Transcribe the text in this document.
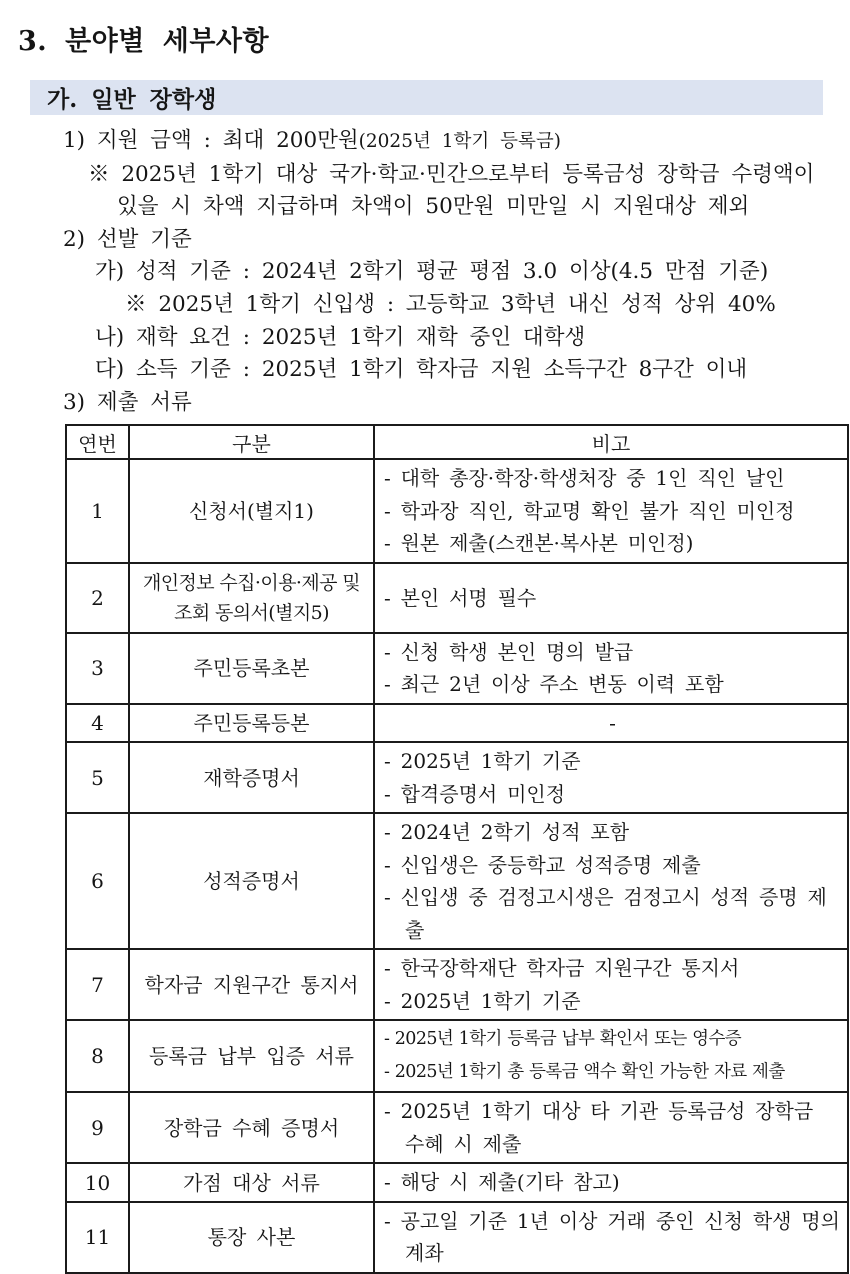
3. 분야별 세부사항
가. 일반 장학생

1) 지원 금액 : 최대 200만원(2025년 1학기 등록금)

※ 2025년 1학기 대상 국가·학교·민간으로부터 등록금성 장학금 수령액이

있을 시 차액 지급하며 차액이 50만원 미만일 시 지원대상 제외

2) 선발 기준

가) 성적 기준 : 2024년 2학기 평균 평점 3.0 이상(4.5 만점 기준)

※ 2025년 1학기 신입생 : 고등학교 3학년 내신 성적 상위 40%

나) 재학 요건 : 2025년 1학기 재학 중인 대학생

다) 소득 기준 : 2025년 1학기 학자금 지원 소득구간 8구간 이내

3) 제출 서류

연번	구분	비고
1	신청서(별지1)	- 대학 총장·학장·학생처장 중 1인 직인 날인
- 학과장 직인, 학교명 확인 불가 직인 미인정
- 원본 제출(스캔본·복사본 미인정)

2	개인정보 수집·이용·제공 및 조회 동의서(별지5)	- 본인 서명 필수

3	주민등록초본	- 신청 학생 본인 명의 발급
- 최근 2년 이상 주소 변동 이력 포함

4	주민등록등본	-

5	재학증명서	- 2025년 1학기 기준
- 합격증명서 미인정

6	성적증명서	- 2024년 2학기 성적 포함
- 신입생은 중등학교 성적증명 제출
- 신입생 중 검정고시생은 검정고시 성적 증명 제출

7	학자금 지원구간 통지서	- 한국장학재단 학자금 지원구간 통지서
- 2025년 1학기 기준

8	등록금 납부 입증 서류	- 2025년 1학기 등록금 납부 확인서 또는 영수증
- 2025년 1학기 총 등록금 액수 확인 가능한 자료 제출

9	장학금 수혜 증명서	- 2025년 1학기 대상 타 기관 등록금성 장학금 수혜 시 제출

10	가점 대상 서류	- 해당 시 제출(기타 참고)

11	통장 사본	- 공고일 기준 1년 이상 거래 중인 신청 학생 명의 계좌
